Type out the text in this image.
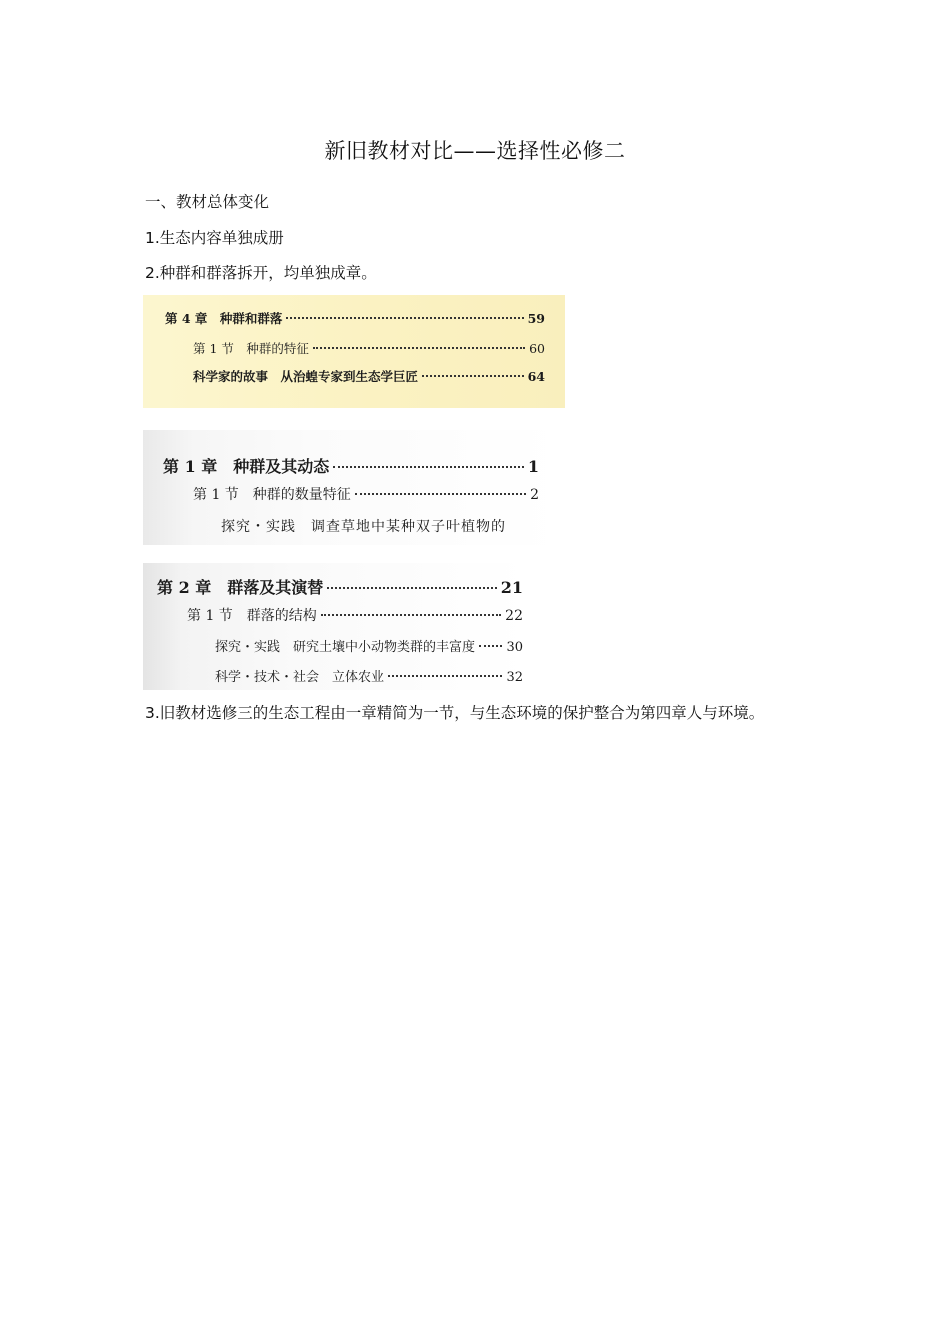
新旧教材对比——选择性必修二
一、教材总体变化
1.生态内容单独成册
2.种群和群落拆开，均单独成章。
第 4 章　种群和群落	59
第 1 节　种群的特征	60
科学家的故事　从治蝗专家到生态学巨匠	64
第 1 章　种群及其动态	1
第 1 节　种群的数量特征	2
探究・实践　调查草地中某种双子叶植物的
第 2 章　群落及其演替	21
第 1 节　群落的结构	22
探究・实践　研究土壤中小动物类群的丰富度 30
科学・技术・社会　立体农业	32
3.旧教材选修三的生态工程由一章精简为一节，与生态环境的保护整合为第四章人与环境。
